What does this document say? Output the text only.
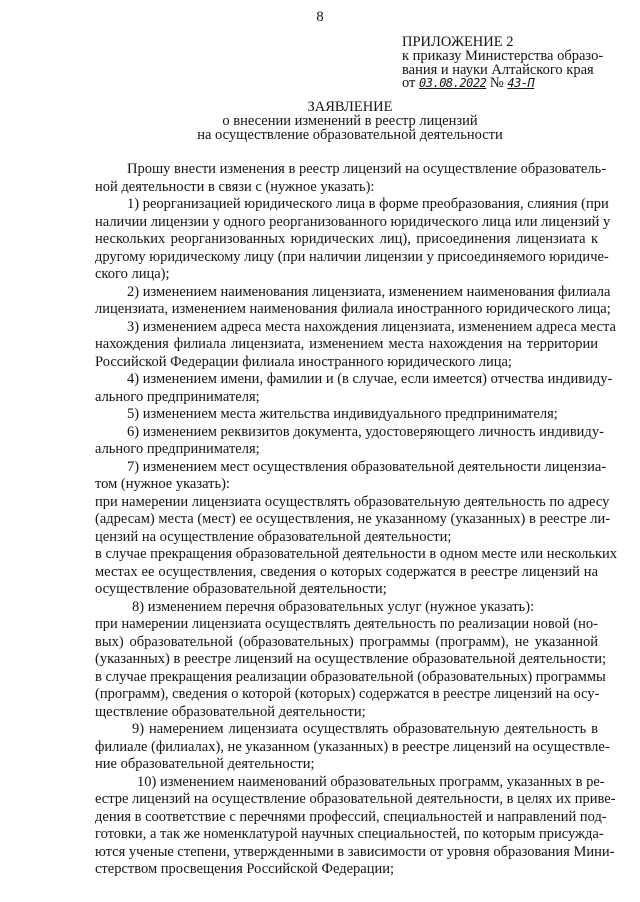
8
ПРИЛОЖЕНИЕ 2
к приказу Министерства образо-
вания и науки Алтайского края
от 03.08.2022 № 43-П
ЗАЯВЛЕНИЕ
о внесении изменений в реестр лицензий
на осуществление образовательной деятельности
Прошу внести изменения в реестр лицензий на осуществление образователь-
ной деятельности в связи с (нужное указать):
1) реорганизацией юридического лица в форме преобразования, слияния (при
наличии лицензии у одного реорганизованного юридического лица или лицензий у
нескольких реорганизованных юридических лиц), присоединения лицензиата к
другому юридическому лицу (при наличии лицензии у присоединяемого юридиче-
ского лица);
2) изменением наименования лицензиата, изменением наименования филиала
лицензиата, изменением наименования филиала иностранного юридического лица;
3) изменением адреса места нахождения лицензиата, изменением адреса места
нахождения филиала лицензиата, изменением места нахождения на территории
Российской Федерации филиала иностранного юридического лица;
4) изменением имени, фамилии и (в случае, если имеется) отчества индивиду-
ального предпринимателя;
5) изменением места жительства индивидуального предпринимателя;
6) изменением реквизитов документа, удостоверяющего личность индивиду-
ального предпринимателя;
7) изменением мест осуществления образовательной деятельности лицензиа-
том (нужное указать):
при намерении лицензиата осуществлять образовательную деятельность по адресу
(адресам) места (мест) ее осуществления, не указанному (указанных) в реестре ли-
цензий на осуществление образовательной деятельности;
в случае прекращения образовательной деятельности в одном месте или нескольких
местах ее осуществления, сведения о которых содержатся в реестре лицензий на
осуществление образовательной деятельности;
8) изменением перечня образовательных услуг (нужное указать):
при намерении лицензиата осуществлять деятельность по реализации новой (но-
вых) образовательной (образовательных) программы (программ), не указанной
(указанных) в реестре лицензий на осуществление образовательной деятельности;
в случае прекращения реализации образовательной (образовательных) программы
(программ), сведения о которой (которых) содержатся в реестре лицензий на осу-
ществление образовательной деятельности;
9) намерением лицензиата осуществлять образовательную деятельность в
филиале (филиалах), не указанном (указанных) в реестре лицензий на осуществле-
ние образовательной деятельности;
10) изменением наименований образовательных программ, указанных в ре-
естре лицензий на осуществление образовательной деятельности, в целях их приве-
дения в соответствие с перечнями профессий, специальностей и направлений под-
готовки, а так же номенклатурой научных специальностей, по которым присужда-
ются ученые степени, утвержденными в зависимости от уровня образования Мини-
стерством просвещения Российской Федерации;
